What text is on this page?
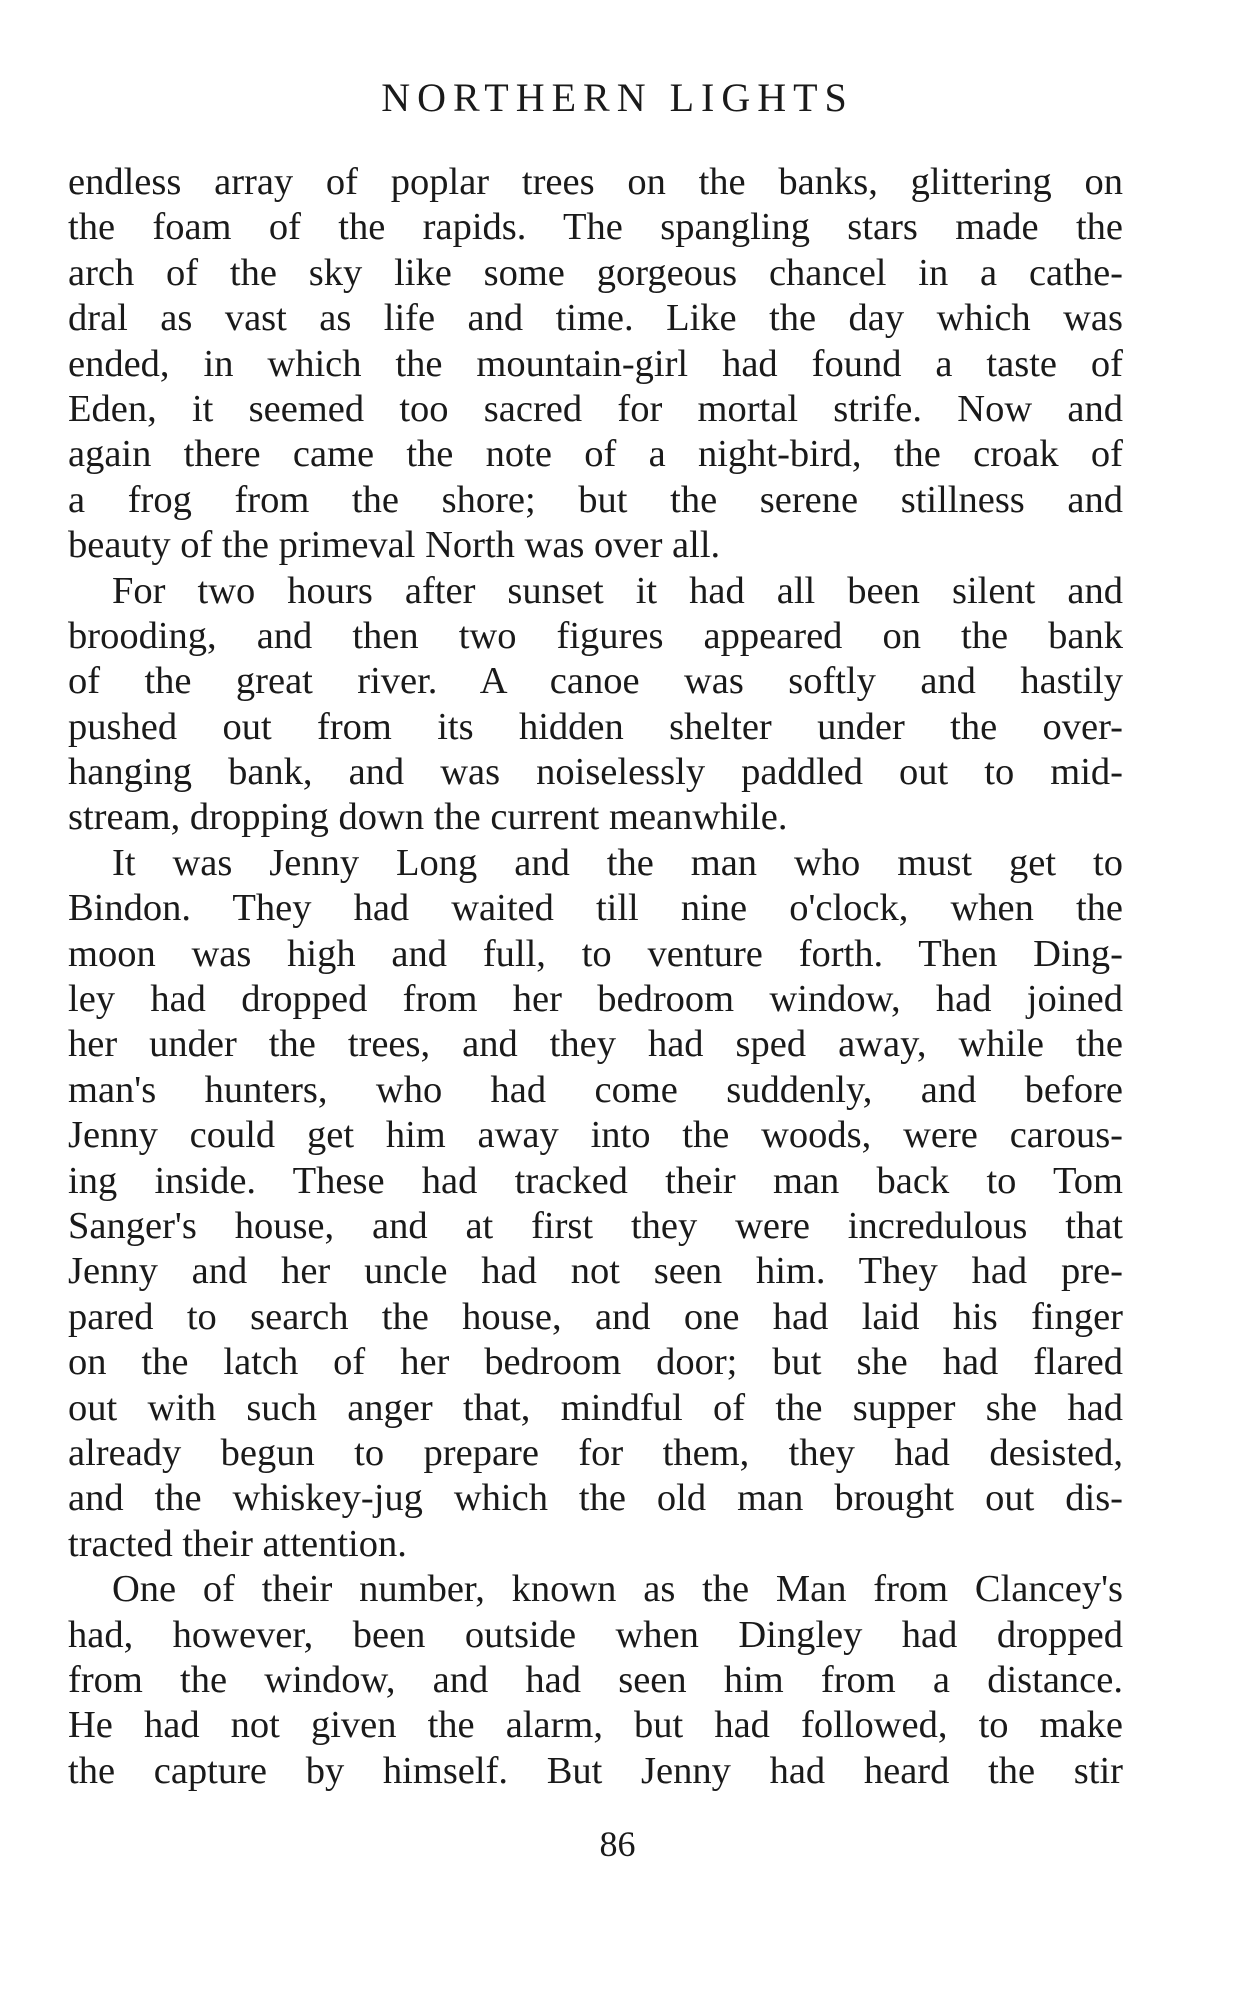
NORTHERN LIGHTS
endless array of poplar trees on the banks, glittering on
the foam of the rapids. The spangling stars made the
arch of the sky like some gorgeous chancel in a cathe-
dral as vast as life and time. Like the day which was
ended, in which the mountain-girl had found a taste of
Eden, it seemed too sacred for mortal strife. Now and
again there came the note of a night-bird, the croak of
a frog from the shore; but the serene stillness and
beauty of the primeval North was over all.
For two hours after sunset it had all been silent and
brooding, and then two figures appeared on the bank
of the great river. A canoe was softly and hastily
pushed out from its hidden shelter under the over-
hanging bank, and was noiselessly paddled out to mid-
stream, dropping down the current meanwhile.
It was Jenny Long and the man who must get to
Bindon. They had waited till nine o'clock, when the
moon was high and full, to venture forth. Then Ding-
ley had dropped from her bedroom window, had joined
her under the trees, and they had sped away, while the
man's hunters, who had come suddenly, and before
Jenny could get him away into the woods, were carous-
ing inside. These had tracked their man back to Tom
Sanger's house, and at first they were incredulous that
Jenny and her uncle had not seen him. They had pre-
pared to search the house, and one had laid his finger
on the latch of her bedroom door; but she had flared
out with such anger that, mindful of the supper she had
already begun to prepare for them, they had desisted,
and the whiskey-jug which the old man brought out dis-
tracted their attention.
One of their number, known as the Man from Clancey's
had, however, been outside when Dingley had dropped
from the window, and had seen him from a distance.
He had not given the alarm, but had followed, to make
the capture by himself. But Jenny had heard the stir
86
